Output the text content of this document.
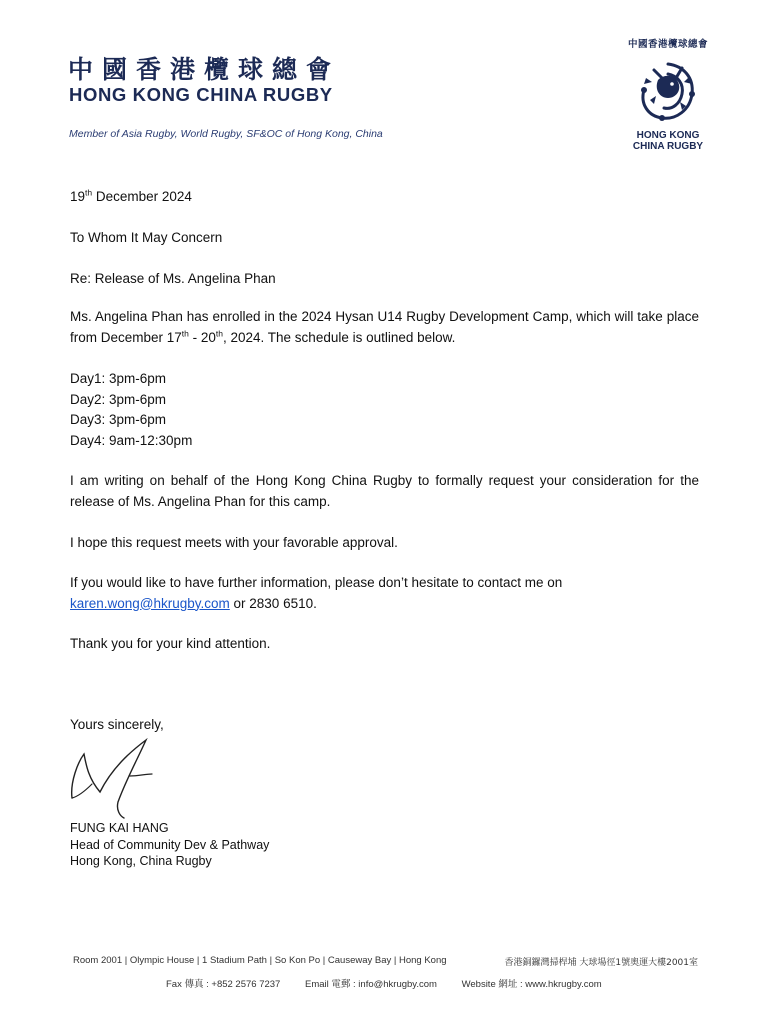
中國香港欖球總會
HONG KONG CHINA RUGBY
Member of Asia Rugby, World Rugby, SF&OC of Hong Kong, China
中國香港欖球總會
HONG KONG
CHINA RUGBY

19th December 2024

To Whom It May Concern

Re: Release of Ms. Angelina Phan

Ms. Angelina Phan has enrolled in the 2024 Hysan U14 Rugby Development Camp, which will take place from December 17th - 20th, 2024. The schedule is outlined below.

Day1: 3pm-6pm

Day2: 3pm-6pm

Day3: 3pm-6pm

Day4: 9am-12:30pm

I am writing on behalf of the Hong Kong China Rugby to formally request your consideration for the release of Ms. Angelina Phan for this camp.

I hope this request meets with your favorable approval.

If you would like to have further information, please don’t hesitate to contact me on

karen.wong@hkrugby.com or 2830 6510.

Thank you for your kind attention.

Yours sincerely,

FUNG KAI HANG
Head of Community Dev & Pathway
Hong Kong, China Rugby
Room 2001 | Olympic House | 1 Stadium Path | So Kon Po | Causeway Bay | Hong Kong	香港銅鑼灣掃桿埔 大球場徑1號奧運大樓2001室
Fax 傳真 : +852 2576 7237	Email 電郵 : info@hkrugby.com	Website 網址 : www.hkrugby.com
